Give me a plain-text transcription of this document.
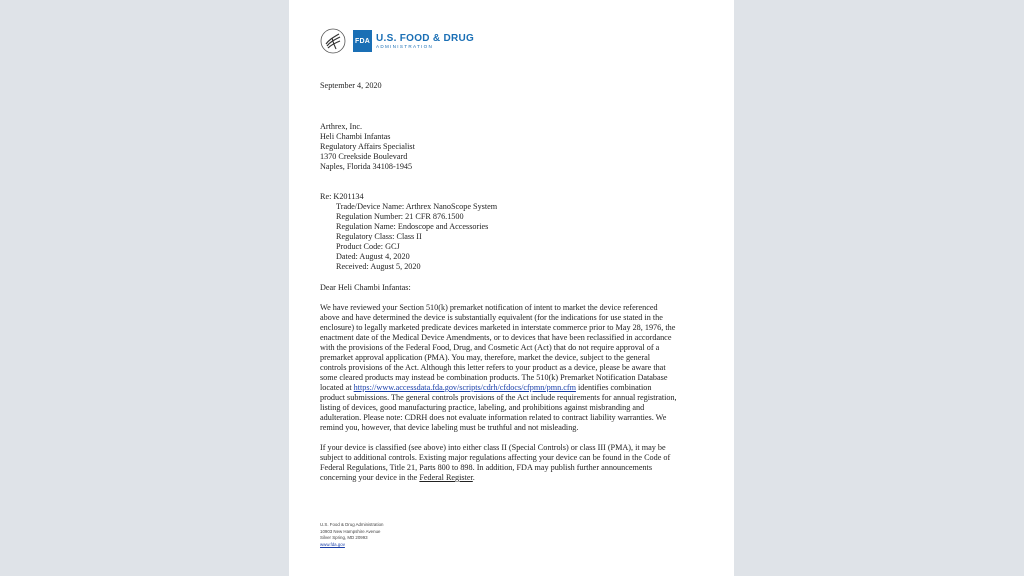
FDA U.S. FOOD & DRUG
ADMINISTRATION
September 4, 2020
Arthrex, Inc.
Heli Chambi Infantas
Regulatory Affairs Specialist
1370 Creekside Boulevard
Naples, Florida 34108-1945
Re: K201134
Trade/Device Name: Arthrex NanoScope System
Regulation Number: 21 CFR 876.1500
Regulation Name: Endoscope and Accessories
Regulatory Class: Class II
Product Code: GCJ
Dated: August 4, 2020
Received: August 5, 2020
Dear Heli Chambi Infantas:
We have reviewed your Section 510(k) premarket notification of intent to market the device referenced
above and have determined the device is substantially equivalent (for the indications for use stated in the
enclosure) to legally marketed predicate devices marketed in interstate commerce prior to May 28, 1976, the
enactment date of the Medical Device Amendments, or to devices that have been reclassified in accordance
with the provisions of the Federal Food, Drug, and Cosmetic Act (Act) that do not require approval of a
premarket approval application (PMA). You may, therefore, market the device, subject to the general
controls provisions of the Act. Although this letter refers to your product as a device, please be aware that
some cleared products may instead be combination products. The 510(k) Premarket Notification Database
located at https://www.accessdata.fda.gov/scripts/cdrh/cfdocs/cfpmn/pmn.cfm identifies combination
product submissions. The general controls provisions of the Act include requirements for annual registration,
listing of devices, good manufacturing practice, labeling, and prohibitions against misbranding and
adulteration. Please note: CDRH does not evaluate information related to contract liability warranties. We
remind you, however, that device labeling must be truthful and not misleading.
If your device is classified (see above) into either class II (Special Controls) or class III (PMA), it may be
subject to additional controls. Existing major regulations affecting your device can be found in the Code of
Federal Regulations, Title 21, Parts 800 to 898. In addition, FDA may publish further announcements
concerning your device in the Federal Register.
U.S. Food & Drug Administration
10903 New Hampshire Avenue
Silver Spring, MD 20993
www.fda.gov
